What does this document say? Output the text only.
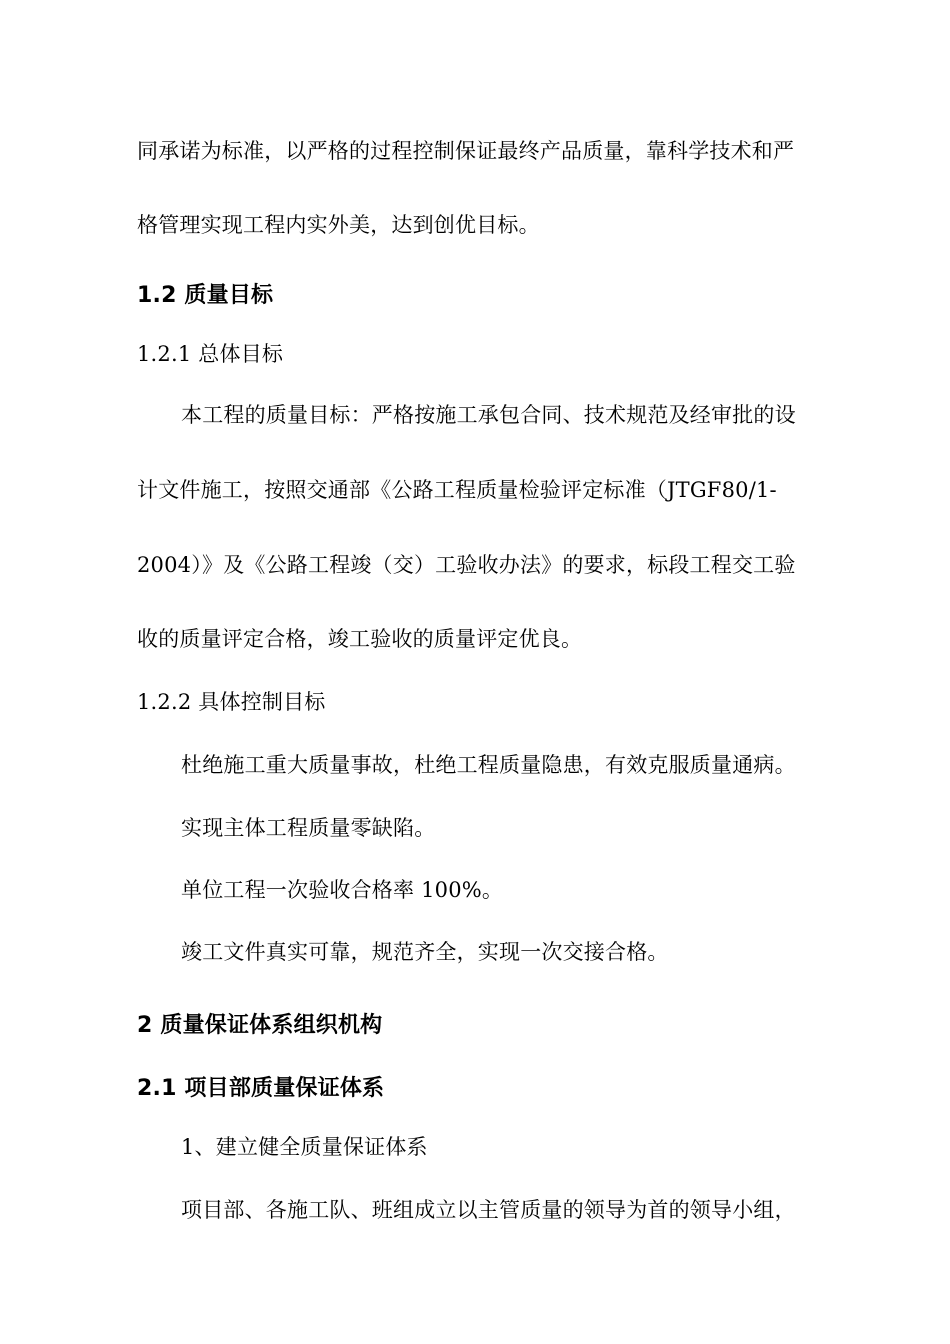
同承诺为标准，以严格的过程控制保证最终产品质量，靠科学技术和严
格管理实现工程内实外美，达到创优目标。
1.2 质量目标
1.2.1 总体目标
本工程的质量目标：严格按施工承包合同、技术规范及经审批的设
计文件施工，按照交通部《公路工程质量检验评定标准（JTGF80/1-
2004）》及《公路工程竣（交）工验收办法》的要求，标段工程交工验
收的质量评定合格，竣工验收的质量评定优良。
1.2.2 具体控制目标
杜绝施工重大质量事故，杜绝工程质量隐患，有效克服质量通病。
实现主体工程质量零缺陷。
单位工程一次验收合格率 100%。
竣工文件真实可靠，规范齐全，实现一次交接合格。
2 质量保证体系组织机构
2.1 项目部质量保证体系
1、建立健全质量保证体系
项目部、各施工队、班组成立以主管质量的领导为首的领导小组，
